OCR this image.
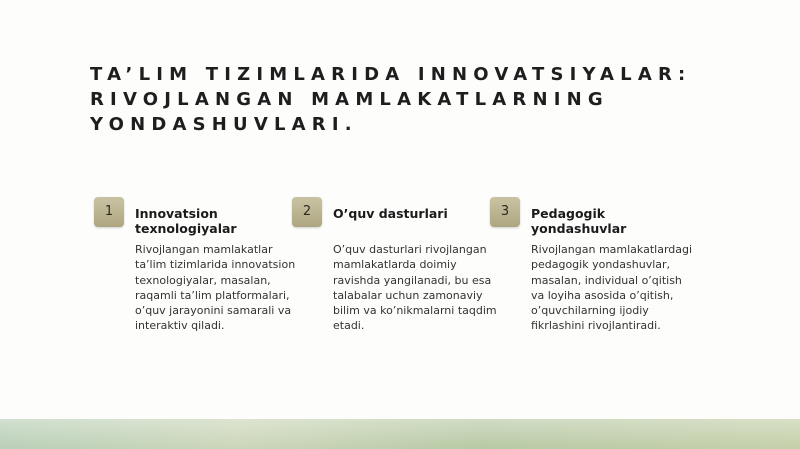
TA’LIM TIZIMLARIDA INNOVATSIYALAR:
RIVOJLANGAN MAMLAKATLARNING
YONDASHUVLARI.
1	Innovatsion texnologiyalar
Rivojlangan mamlakatlar ta’lim tizimlarida innovatsion texnologiyalar, masalan, raqamli ta’lim platformalari, o’quv jarayonini samarali va interaktiv qiladi.
2	O’quv dasturlari
O’quv dasturlari rivojlangan mamlakatlarda doimiy ravishda yangilanadi, bu esa talabalar uchun zamonaviy bilim va ko’nikmalarni taqdim etadi.
3	Pedagogik yondashuvlar
Rivojlangan mamlakatlardagi pedagogik yondashuvlar, masalan, individual o’qitish va loyiha asosida o’qitish, o’quvchilarning ijodiy fikrlashini rivojlantiradi.
